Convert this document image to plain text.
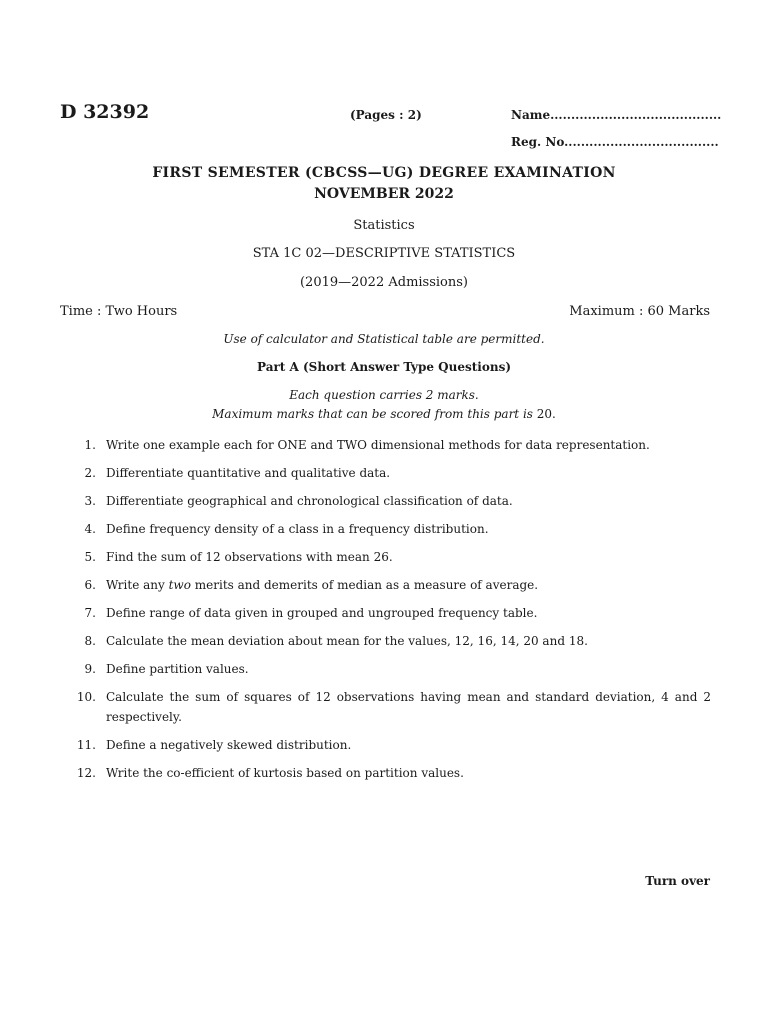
D 32392	(Pages : 2)	Name.........................................
Reg. No.....................................
FIRST SEMESTER (CBCSS—UG) DEGREE EXAMINATION
NOVEMBER 2022
Statistics
STA 1C 02—DESCRIPTIVE STATISTICS
(2019—2022 Admissions)
Time : Two Hours	Maximum : 60 Marks
Use of calculator and Statistical table are permitted.
Part A (Short Answer Type Questions)
Each question carries 2 marks.
Maximum marks that can be scored from this part is 20.
1. Write one example each for ONE and TWO dimensional methods for data representation.
2. Differentiate quantitative and qualitative data.
3. Differentiate geographical and chronological classification of data.
4. Define frequency density of a class in a frequency distribution.
5. Find the sum of 12 observations with mean 26.
6. Write any two merits and demerits of median as a measure of average.
7. Define range of data given in grouped and ungrouped frequency table.
8. Calculate the mean deviation about mean for the values, 12, 16, 14, 20 and 18.
9. Define partition values.
10. Calculate the sum of squares of 12 observations having mean and standard deviation, 4 and 2 respectively.
11. Define a negatively skewed distribution.
12. Write the co-efficient of kurtosis based on partition values.
Turn over
